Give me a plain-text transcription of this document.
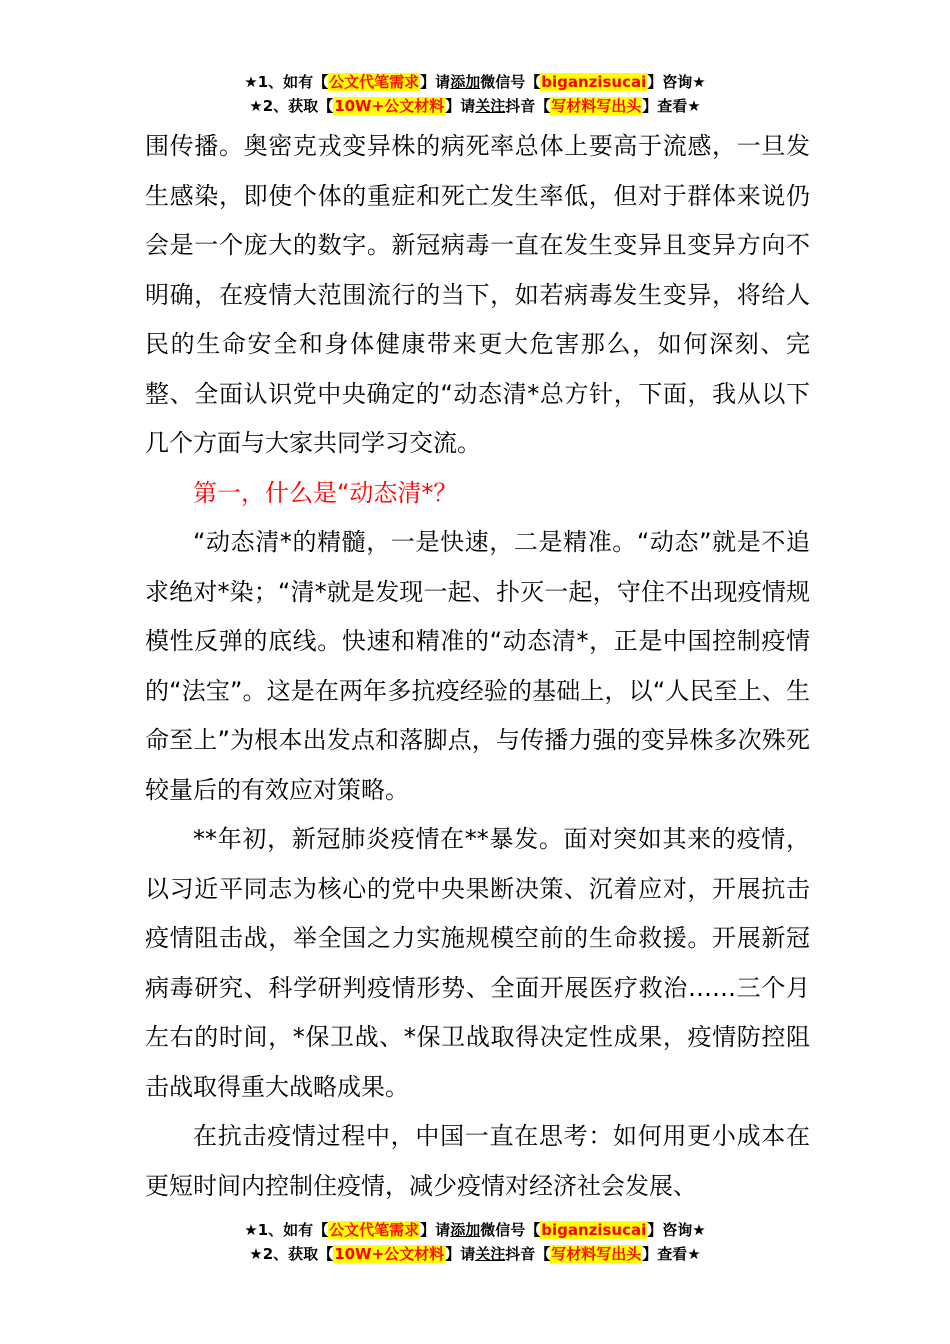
★1、如有【公文代笔需求】请添加微信号【biganzisucai】咨询★
★2、获取【10W+公文材料】请关注抖音【写材料写出头】查看★

围传播。奥密克戎变异株的病死率总体上要高于流感，一旦发生感染，即使个体的重症和死亡发生率低，但对于群体来说仍会是一个庞大的数字。新冠病毒一直在发生变异且变异方向不明确，在疫情大范围流行的当下，如若病毒发生变异，将给人民的生命安全和身体健康带来更大危害那么，如何深刻、完整、全面认识党中央确定的“动态清*总方针，下面，我从以下几个方面与大家共同学习交流。

第一，什么是“动态清*？

“动态清*的精髓，一是快速，二是精准。“动态”就是不追求绝对*染；“清*就是发现一起、扑灭一起，守住不出现疫情规模性反弹的底线。快速和精准的“动态清*，正是中国控制疫情的“法宝”。这是在两年多抗疫经验的基础上，以“人民至上、生命至上”为根本出发点和落脚点，与传播力强的变异株多次殊死较量后的有效应对策略。

**年初，新冠肺炎疫情在**暴发。面对突如其来的疫情，以习近平同志为核心的党中央果断决策、沉着应对，开展抗击疫情阻击战，举全国之力实施规模空前的生命救援。开展新冠病毒研究、科学研判疫情形势、全面开展医疗救治……三个月左右的时间，*保卫战、*保卫战取得决定性成果，疫情防控阻击战取得重大战略成果。

在抗击疫情过程中，中国一直在思考：如何用更小成本在更短时间内控制住疫情，减少疫情对经济社会发展、

★1、如有【公文代笔需求】请添加微信号【biganzisucai】咨询★
★2、获取【10W+公文材料】请关注抖音【写材料写出头】查看★
